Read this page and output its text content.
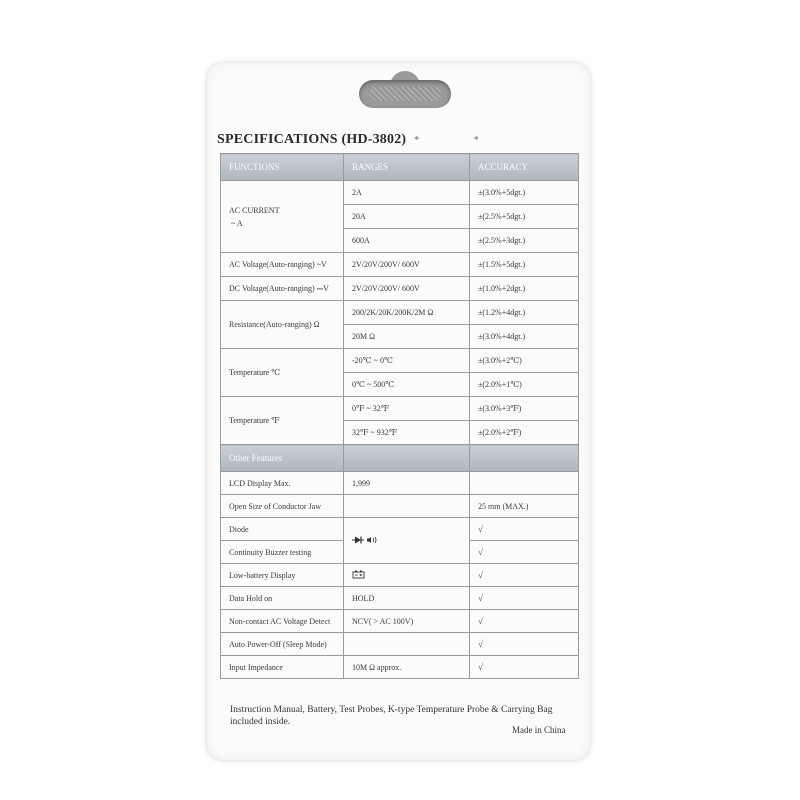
SPECIFICATIONS (HD-3802) * *
FUNCTIONS	RANGES	ACCURACY
AC CURRENT
~ A	2A	±(3.0%+5dgt.)
	20A	±(2.5%+5dgt.)
	600A	±(2.5%+3dgt.)
AC Voltage(Auto-ranging) ~V	2V/20V/200V/ 600V	±(1.5%+5dgt.)
DC Voltage(Auto-ranging) ⎓V	2V/20V/200V/ 600V	±(1.0%+2dgt.)
Resistance(Auto-ranging) Ω	200/2K/20K/200K/2M Ω	±(1.2%+4dgt.)
	20M Ω	±(3.0%+4dgt.)
Temperature ℃	-20℃ ~ 0℃	±(3.0%+2℃)
	0℃ ~ 500℃	±(2.0%+1℃)
Temperature ℉	0℉ ~ 32℉	±(3.0%+3℉)
	32℉ ~ 932℉	±(2.0%+2℉)
Other Features		
LCD Display Max.	1,999	
Open Size of Conductor Jaw		25 mm (MAX.)
Diode		√
Continuity Buzzer testing		√
Low-battery Display		√
Data Hold on	HOLD	√
Non-contact AC Voltage Detect	NCV( > AC 100V)	√
Auto Power-Off (Sleep Mode)		√
Input Impedance	10M Ω approx.	√
Instruction Manual, Battery, Test Probes, K-type Temperature Probe & Carrying Bag included inside.
Made in China
